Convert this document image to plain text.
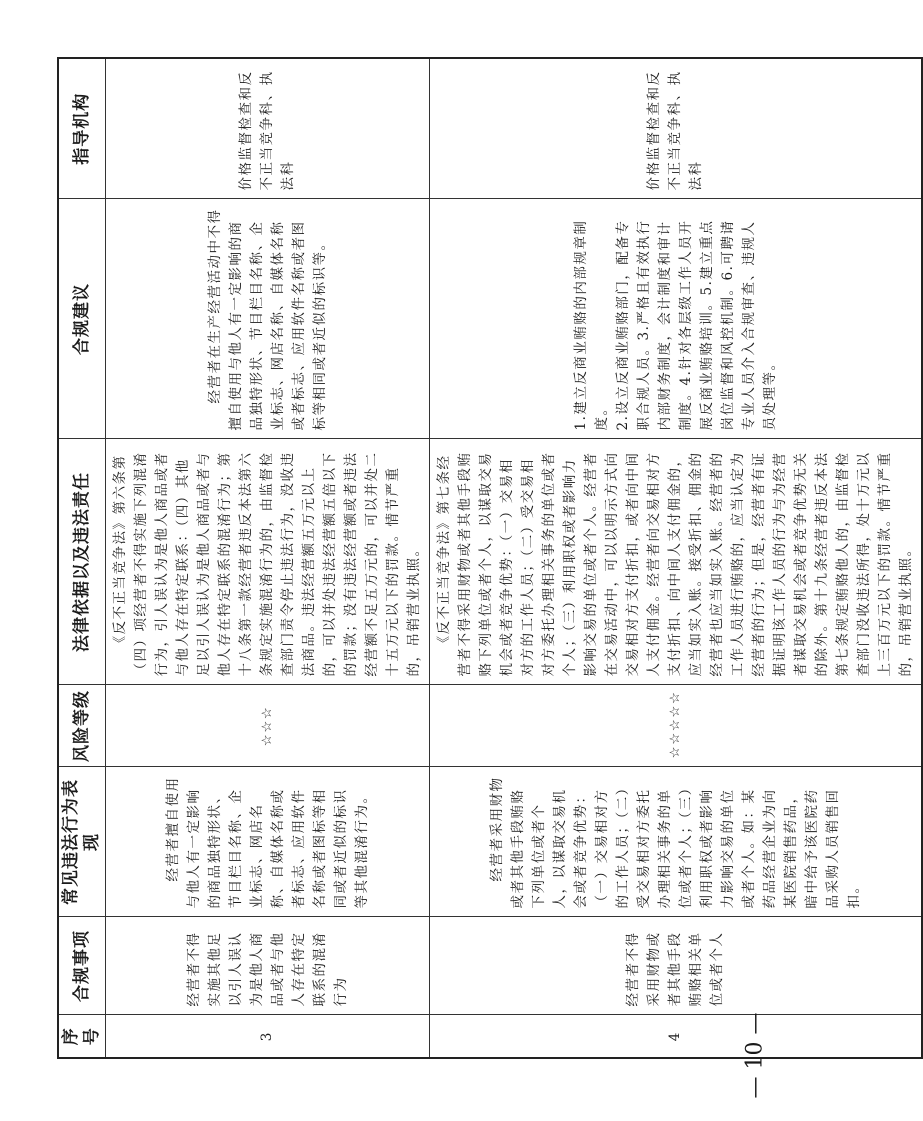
序号	合规事项	常见违法行为表现	风险等级	法律依据以及违法责任	合规建议	指导机构
3	经营者不得实施其他足以引人误认为是他人商品或者与他人存在特定联系的混淆行为	经营者擅自使用与他人有一定影响的商品独特形状、节目栏目名称、企业标志、网店名称、自媒体名称或者标志、应用软件名称或者图标等相同或者近似的标识等其他混淆行为。	☆☆☆	《反不正当竞争法》第六条第（四）项经营者不得实施下列混淆行为，引人误认为是他人商品或者与他人存在特定联系：（四）其他足以引人误认为是他人商品或者与他人存在特定联系的混淆行为；第十八条第一款经营者违反本法第六条规定实施混淆行为的，由监督检查部门责令停止违法行为，没收违法商品。违法经营额五万元以上的，可以并处违法经营额五倍以下的罚款；没有违法经营额或者违法经营额不足五万元的，可以并处二十五万元以下的罚款。情节严重的，吊销营业执照。	经营者在生产经营活动中不得擅自使用与他人有一定影响的商品独特形状、节目栏目名称、企业标志、网店名称、自媒体名称或者标志、应用软件名称或者图标等相同或者近似的标识等。	价格监督检查和反不正当竞争科、执法科
4	经营者不得采用财物或者其他手段贿赂相关单位或者个人	经营者采用财物或者其他手段贿赂下列单位或者个人，以谋取交易机会或者竞争优势：（一）交易相对方的工作人员；（二）受交易相对方委托办理相关事务的单位或者个人；（三）利用职权或者影响力影响交易的单位或者个人。如：某药品经营企业为向某医院销售药品，暗中给予该医院药品采购人员销售回扣。	☆☆☆☆☆	《反不正当竞争法》第七条经营者不得采用财物或者其他手段贿赂下列单位或者个人，以谋取交易机会或者竞争优势：（一）交易相对方的工作人员；（二）受交易相对方委托办理相关事务的单位或者个人；（三）利用职权或者影响力影响交易的单位或者个人。经营者在交易活动中，可以以明示方式向交易相对方支付折扣，或者向中间人支付佣金。经营者向交易相对方支付折扣、向中间人支付佣金的，应当如实入账。接受折扣、佣金的经营者也应当如实入账。经营者的工作人员进行贿赂的，应当认定为经营者的行为；但是，经营者有证据证明该工作人员的行为与为经营者谋取交易机会或者竞争优势无关的除外。第十九条经营者违反本法第七条规定贿赂他人的，由监督检查部门没收违法所得，处十万元以上三百万元以下的罚款。情节严重的，吊销营业执照。	1.建立反商业贿赂的内部规章制度。 2.设立反商业贿赂部门，配备专职合规人员。3.严格且有效执行内部财务制度，会计制度和审计制度。4.针对各层级工作人员开展反商业贿赂培训。5.建立重点岗位监督和风控机制。6.可聘请专业人员介入合规审查、违规人员处理等。	价格监督检查和反不正当竞争科、执法科
— 10 —
